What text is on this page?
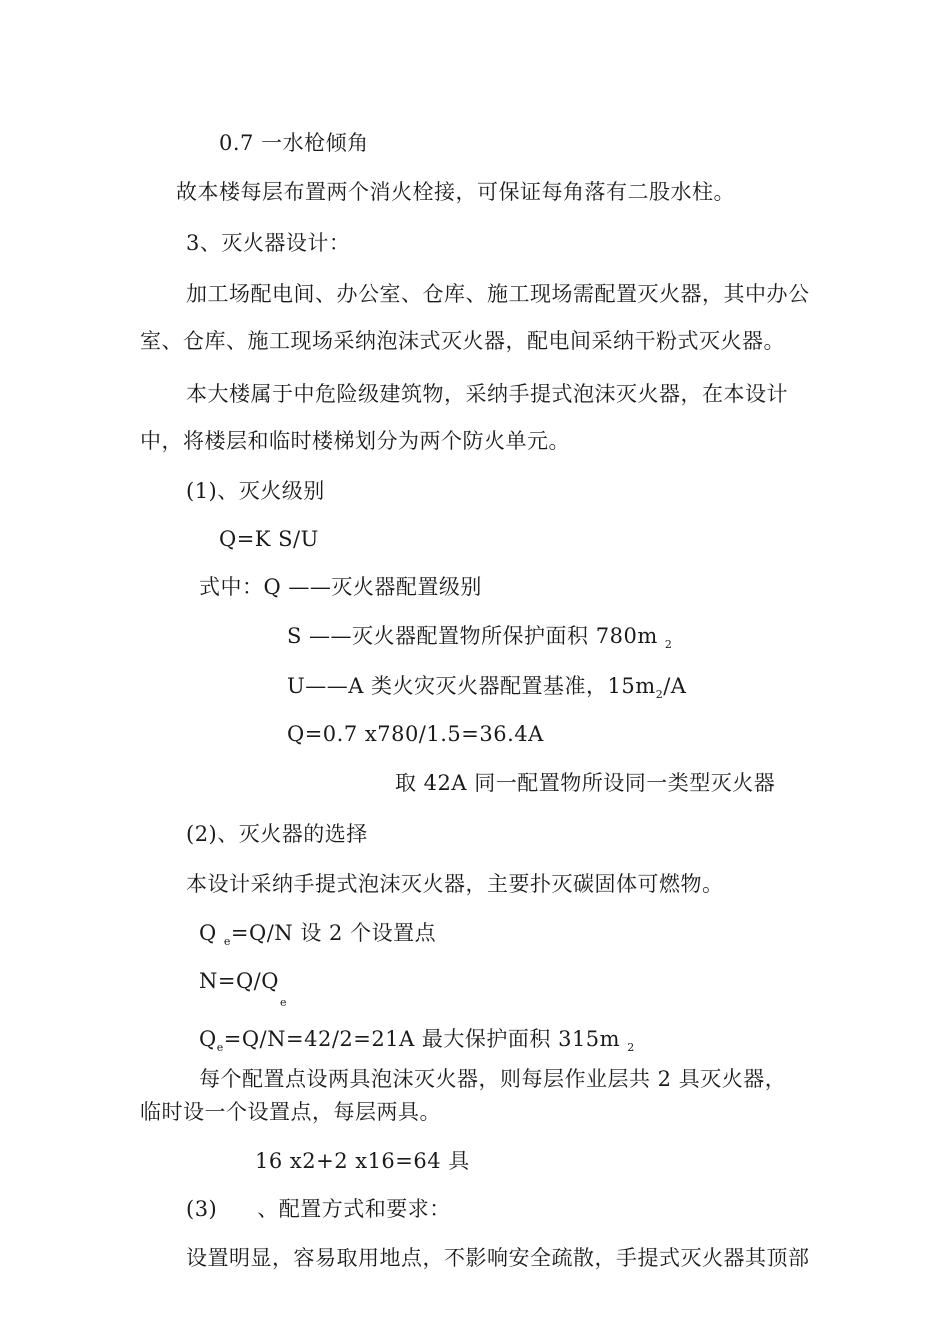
0.7 一水枪倾角
故本楼每层布置两个消火栓接，可保证每角落有二股水柱。
3、灭火器设计：
加工场配电间、办公室、仓库、施工现场需配置灭火器，其中办公
室、仓库、施工现场采纳泡沫式灭火器，配电间采纳干粉式灭火器。
本大楼属于中危险级建筑物，采纳手提式泡沫灭火器，在本设计
中，将楼层和临时楼梯划分为两个防火单元。
(1)、灭火级别
Q=K S/U
式中：Q ——灭火器配置级别
S ——灭火器配置物所保护面积 780m $_2$
U——A 类火灾灭火器配置基准，$15m_2/A$
Q=0.7 x780/1.5=36.4A
取 42A 同一配置物所设同一类型灭火器
(2)、灭火器的选择
本设计采纳手提式泡沫灭火器，主要扑灭碳固体可燃物。
Q $_e$=Q/N 设 2 个设置点
N=Q/Q
e
$Q_e=Q/N=42/2=21A$ 最大保护面积 315m $_2$
每个配置点设两具泡沫灭火器，则每层作业层共 2 具灭火器，
临时设一个设置点，每层两具。
16 x2+2 x16=64 具
(3) 、配置方式和要求：
设置明显，容易取用地点，不影响安全疏散，手提式灭火器其顶部
